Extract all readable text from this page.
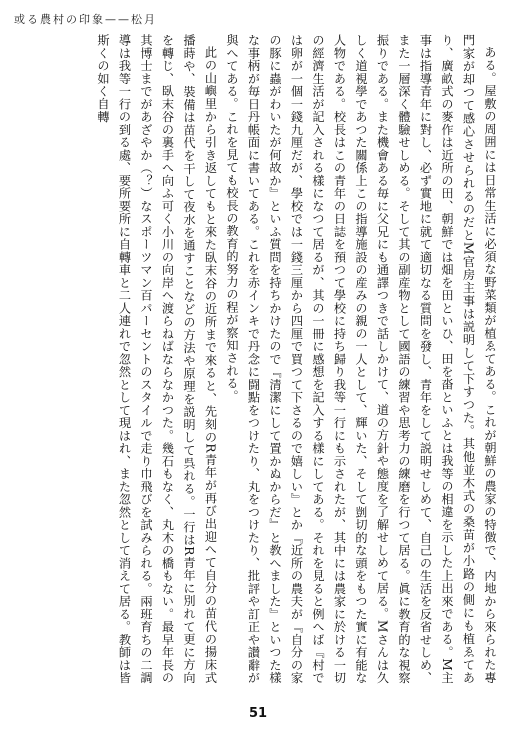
或る農村の印象——松月

ある。屋敷の周囲には日常生活に必須な野菜類が植ゑてある。これが朝鮮の農家の特徴で、内地から來られた專門家が却つて感心させられるのだとM官房主事は説明して下すつた。其他並木式の桑苗が小路の側にも植ゑてあり、廣畝式の麥作は近所の田、朝鮮では畑を田といひ、田を畓といふとは我等の相違を示した上出來である。M主事は指導青年に對し、必ず實地に就て適切なる質問を發し、青年をして説明せしめて、自己の生活を反省せしめ、また一層深く體驗せしめる。そして其の副産物として國語の練習や思考力の練磨を行つて居る。眞に教育的な視察振りである。また機會ある毎に父兄にも通譯つきで話しかけて、道の方針や態度を了解せしめて居る。Mさんは久しく道視學であつた關係上この指導施設の産みの親の一人として、輝いた、そして剴切的な頭をもつた實に有能な人物である。校長はこの青年の日誌を預つて學校に持ち歸り我等一行にも示されたが、其中には農家に於ける一切の經濟生活が記入される樣になつて居るが、其の一冊に感想を記入する樣にしてある。それを見ると例へば『村では卵が一個一錢九厘だが、學校では一錢三厘から四厘で買つて下さるので嬉しい』とか『近所の農夫が『自分の家の豚に蟲がわいたが何故か』といふ質問を持ちかけたので『清潔にして置かぬからだ』と教へました』といつた樣な事柄が毎日丹帳面に書いてある。これを赤インキで丹念に闘點をつけたり、丸をつけたり、批評や訂正や讃辭が與へてある。これを見ても校長の教育的努力の程が察知される。

此の山嶼里から引き返してもと來た臥末谷の近所まで來ると、先刻のR青年が再び出迎へて自分の苗代の揚床式播蒔や、裝備は苗代を干して夜水を通すことなどの方法や原理を説明して呉れる。一行はR青年に別れて更に方向を轉じ、臥末谷の裏手へ向ふ可く小川の向岸へ渡らねばならなかつた。幾石もなく、丸木の橋もない。最早年長の其博士までがあざやか（？）なスポーツマン百パーセントのスタイルで走り巾飛びを試みられる。兩班育ちの二調導は我等一行の到る處、要所要所に自轉車と二人連れで忽然として現はれ、また忽然として消えて居る。教師は皆斯くの如く自轉

51
